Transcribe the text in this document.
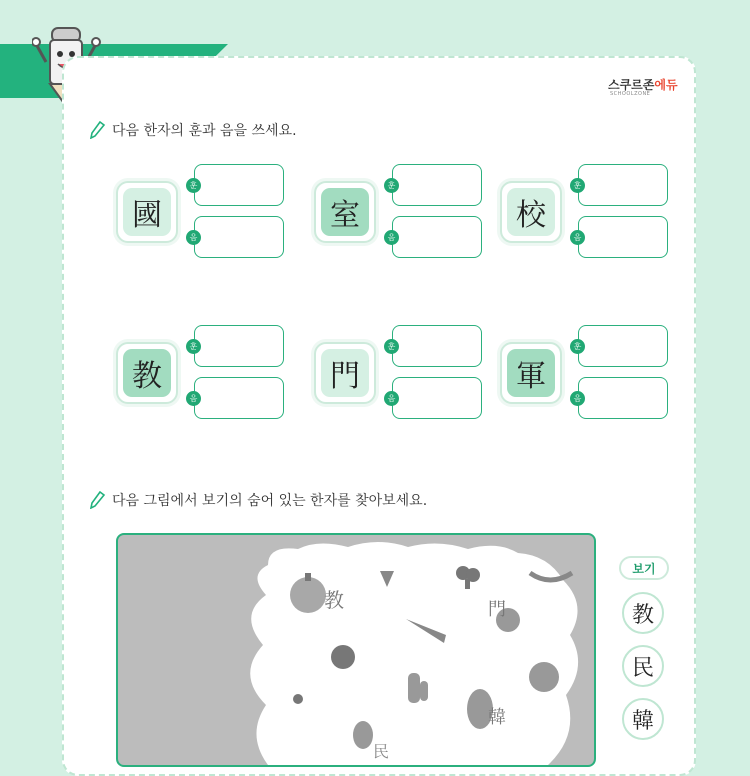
스쿠르존에듀
SCHOOLZONE
다음 한자의 훈과 음을 쓰세요.
國
훈
음
室
훈
음
校
훈
음
教
훈
음
門
훈
음
軍
훈
음
다음 그림에서 보기의 숨어 있는 한자를 찾아보세요.
教	門
韓
民
보기
教
民
韓
